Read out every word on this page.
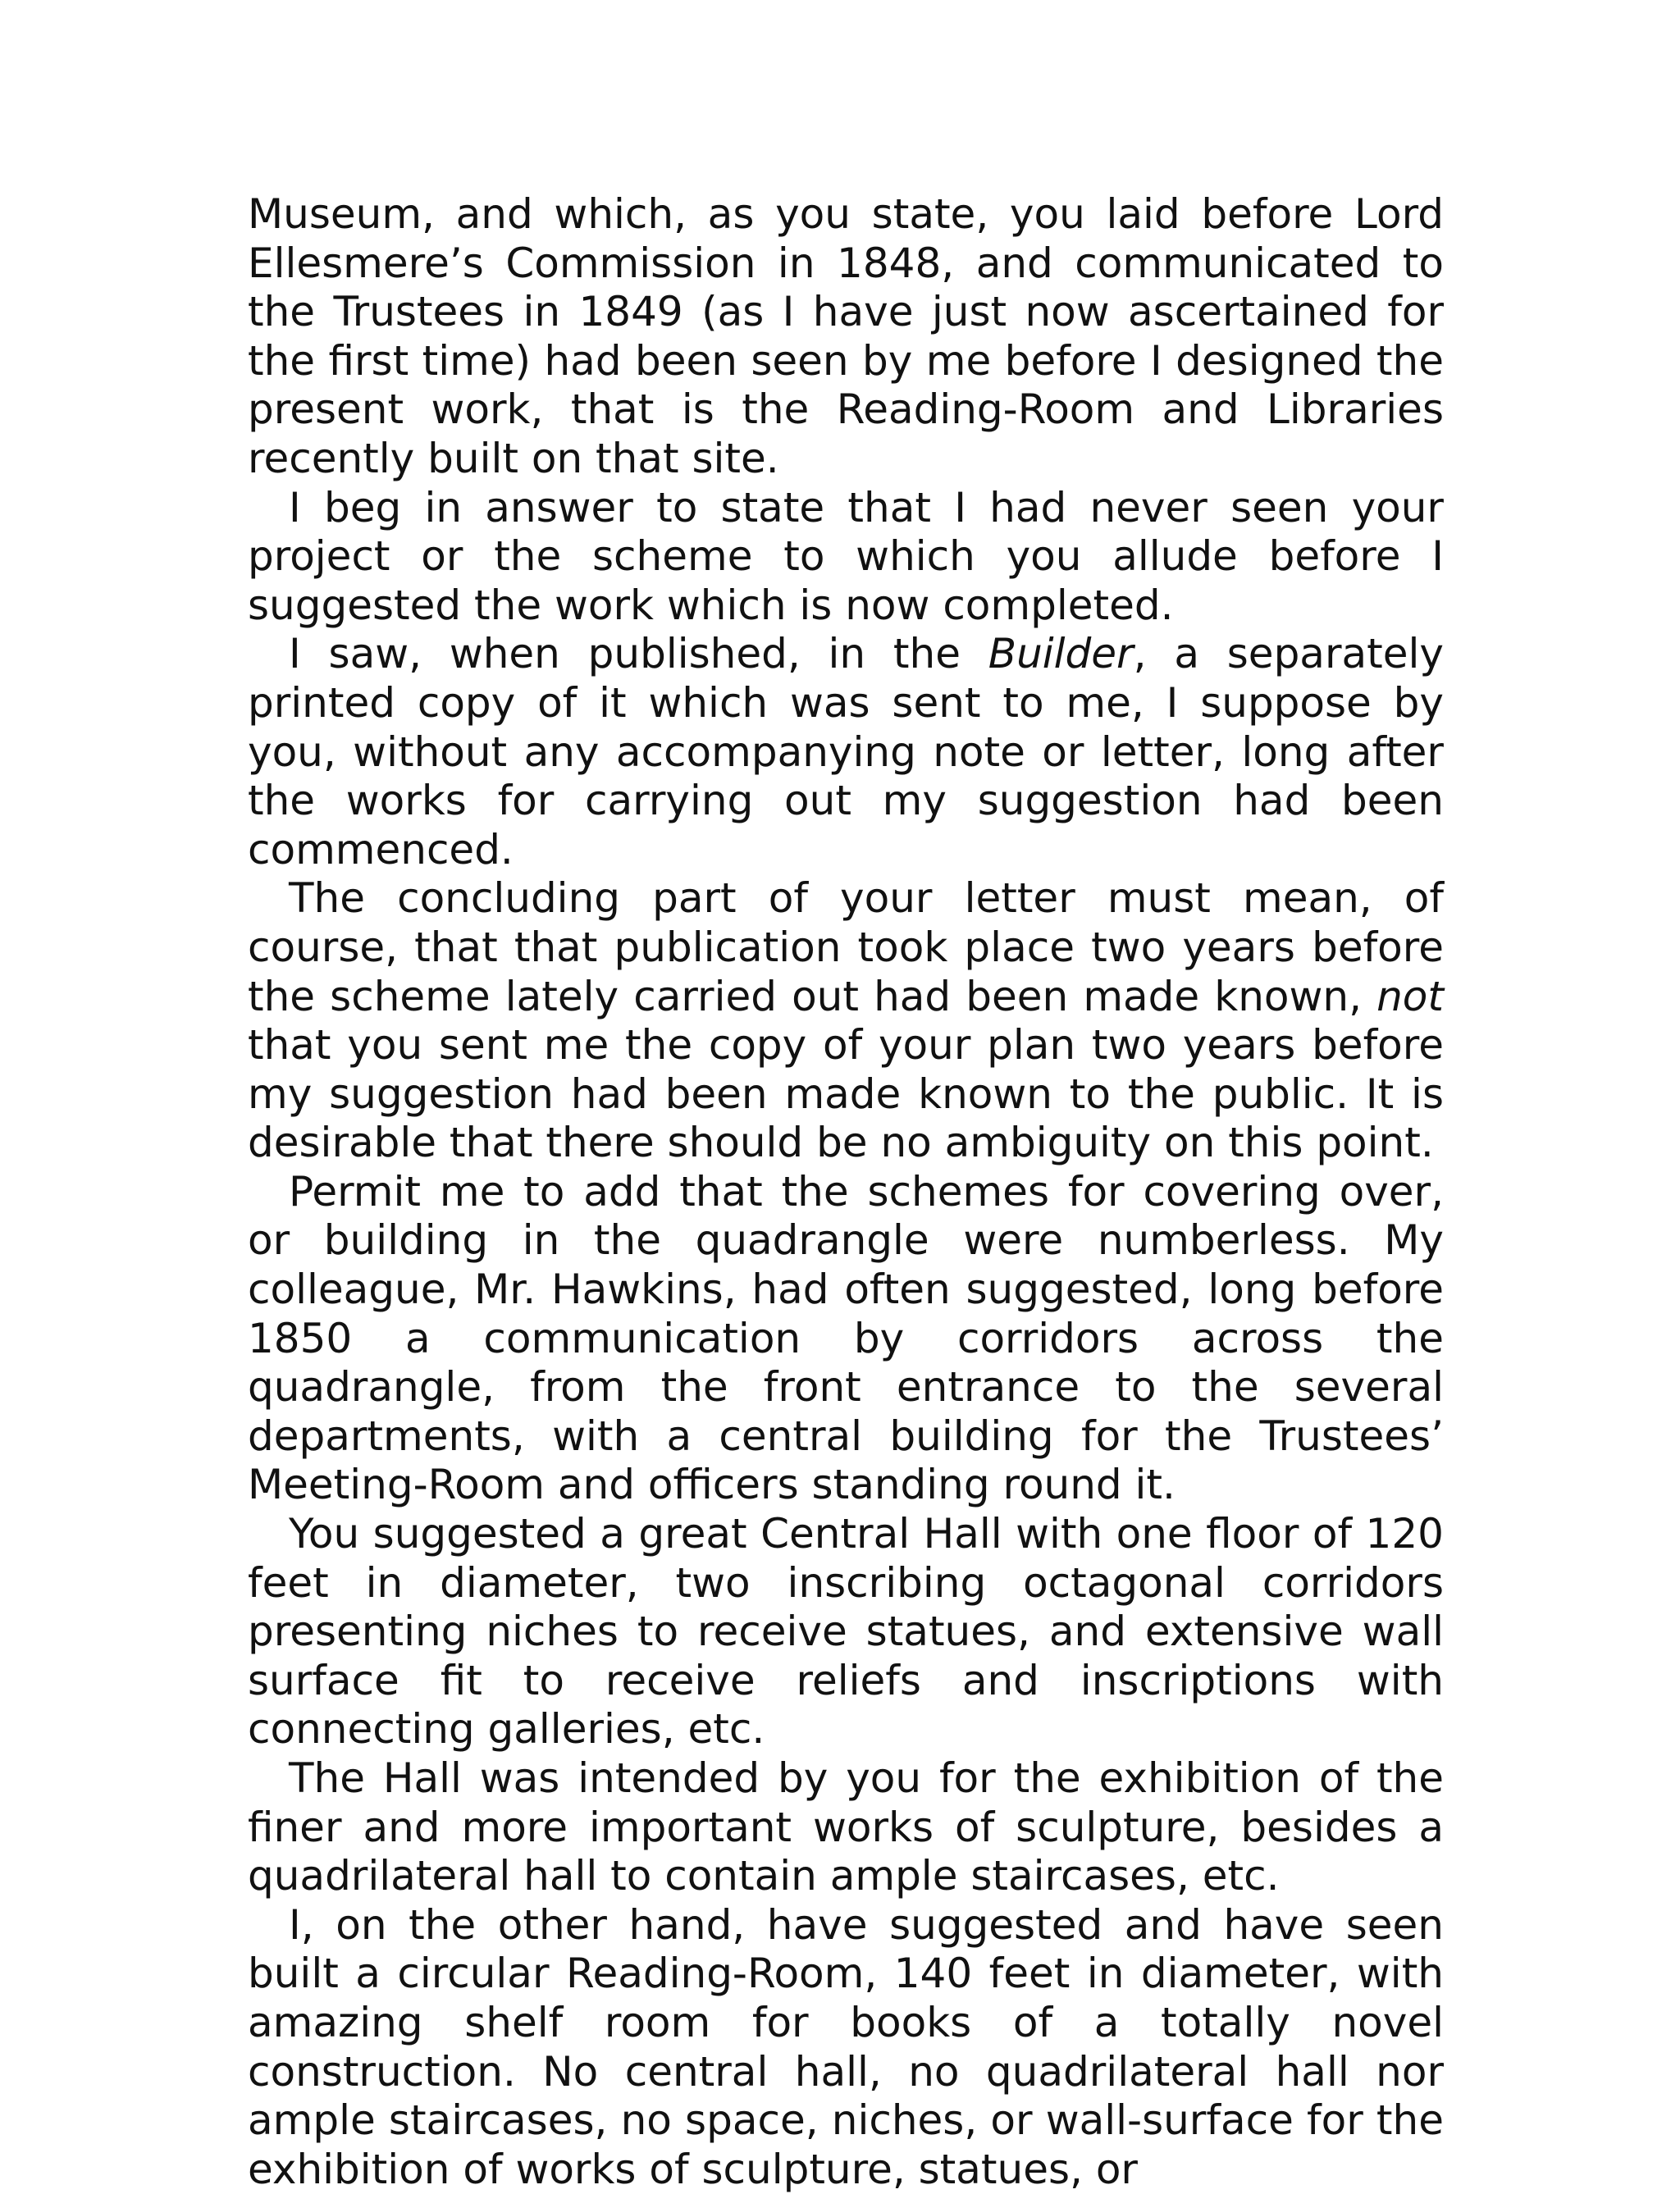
Museum, and which, as you state, you laid before Lord Ellesmere’s Commission in 1848, and communicated to the Trustees in 1849 (as I have just now ascertained for the first time) had been seen by me before I designed the present work, that is the Reading-Room and Libraries recently built on that site.

I beg in answer to state that I had never seen your project or the scheme to which you allude before I suggested the work which is now completed.

I saw, when published, in the Builder, a separately printed copy of it which was sent to me, I suppose by you, without any accompanying note or letter, long after the works for carrying out my suggestion had been commenced.

The concluding part of your letter must mean, of course, that that publication took place two years before the scheme lately carried out had been made known, not that you sent me the copy of your plan two years before my suggestion had been made known to the public. It is desirable that there should be no ambiguity on this point.

Permit me to add that the schemes for covering over, or building in the quadrangle were numberless. My colleague, Mr. Hawkins, had often suggested, long before 1850 a communication by corridors across the quadrangle, from the front entrance to the several departments, with a central building for the Trustees’ Meeting-Room and officers standing round it.

You suggested a great Central Hall with one floor of 120 feet in diameter, two inscribing octagonal corridors presenting niches to receive statues, and extensive wall surface fit to receive reliefs and inscriptions with connecting galleries, etc.

The Hall was intended by you for the exhibition of the finer and more important works of sculpture, besides a quadrilateral hall to contain ample staircases, etc.

I, on the other hand, have suggested and have seen built a circular Reading-Room, 140 feet in diameter, with amazing shelf room for books of a totally novel construction. No central hall, no quadrilateral hall nor ample staircases, no space, niches, or wall-surface for the exhibition of works of sculpture, statues, or
